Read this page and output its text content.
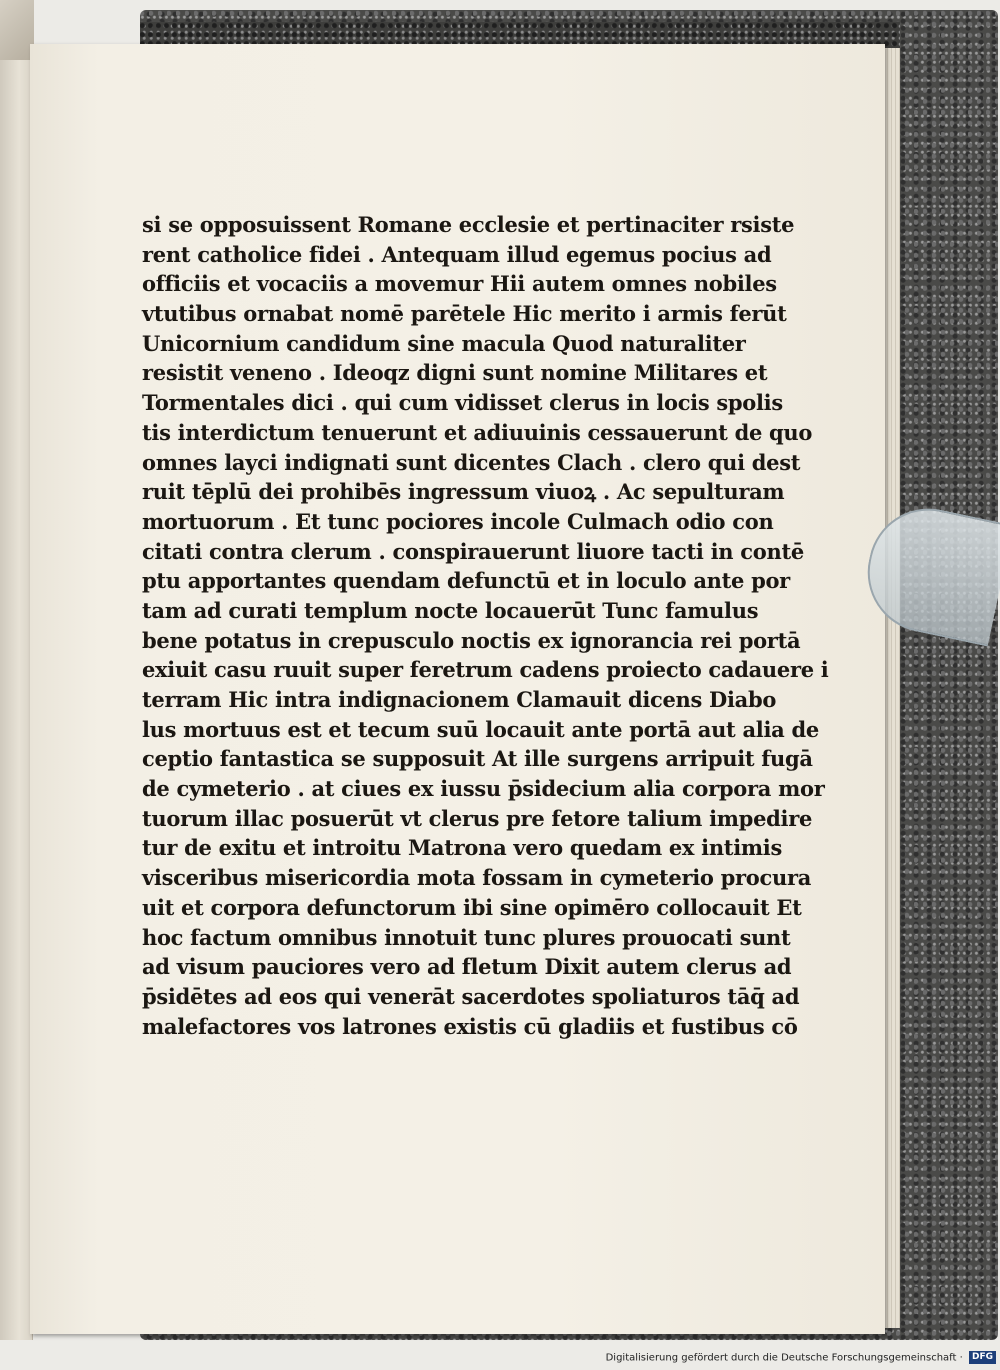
si se opposuissent Romane ecclesie et pertinaciter rsiste
rent catholice fidei . Antequam illud egemus pocius ad
officiis et vocaciis a movemur Hii autem omnes nobiles
vtutibus ornabat nomē parētele Hic merito i armis ferūt
Unicornium candidum sine macula Quod naturaliter
resistit veneno . Ideoqz digni sunt nomine Militares et
Tormentales dici . qui cum vidisset clerus in locis spolis
tis interdictum tenuerunt et adiuuinis cessauerunt de quo
omnes layci indignati sunt dicentes Clach . clero qui dest
ruit tēplū dei prohibēs ingressum viuoꝝ . Ac sepulturam
mortuorum . Et tunc pociores incole Culmach odio con
citati contra clerum . conspirauerunt liuore tacti in contē
ptu apportantes quendam defunctū et in loculo ante por
tam ad curati templum nocte locauerūt Tunc famulus
bene potatus in crepusculo noctis ex ignorancia rei portā
exiuit casu ruuit super feretrum cadens proiecto cadauere i
terram Hic intra indignacionem Clamauit dicens Diabo
lus mortuus est et tecum suū locauit ante portā aut alia de
ceptio fantastica se supposuit At ille surgens arripuit fugā
de cymeterio . at ciues ex iussu p̄sidecium alia corpora mor
tuorum illac posuerūt vt clerus pre fetore talium impedire
tur de exitu et introitu Matrona vero quedam ex intimis
visceribus misericordia mota fossam in cymeterio procura
uit et corpora defunctorum ibi sine opimēro collocauit Et
hoc factum omnibus innotuit tunc plures prouocati sunt
ad visum pauciores vero ad fletum Dixit autem clerus ad
p̄sidētes ad eos qui venerāt sacerdotes spoliaturos tāq̄ ad
malefactores vos latrones existis cū gladiis et fustibus cō
Digitalisierung gefördert durch die Deutsche Forschungsgemeinschaft · DFG
